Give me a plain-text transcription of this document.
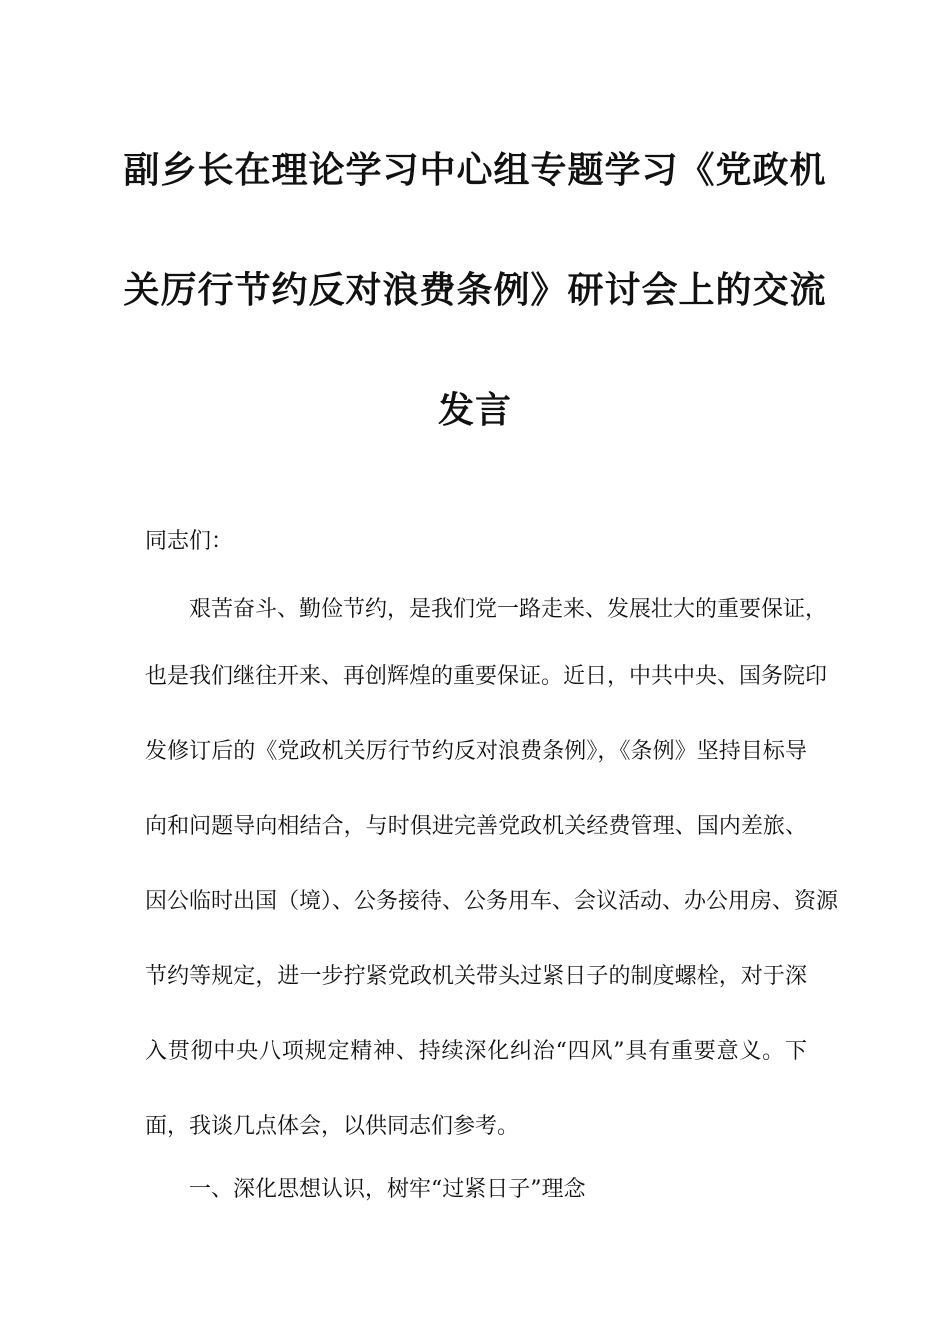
副乡长在理论学习中心组专题学习《党政机
关厉行节约反对浪费条例》研讨会上的交流
发言
同志们：
艰苦奋斗、勤俭节约，是我们党一路走来、发展壮大的重要保证，
也是我们继往开来、再创辉煌的重要保证。近日，中共中央、国务院印
发修订后的《党政机关厉行节约反对浪费条例》，《条例》坚持目标导
向和问题导向相结合，与时俱进完善党政机关经费管理、国内差旅、
因公临时出国（境）、公务接待、公务用车、会议活动、办公用房、资源
节约等规定，进一步拧紧党政机关带头过紧日子的制度螺栓，对于深
入贯彻中央八项规定精神、持续深化纠治“四风”具有重要意义。下
面，我谈几点体会，以供同志们参考。
一、深化思想认识，树牢“过紧日子”理念
